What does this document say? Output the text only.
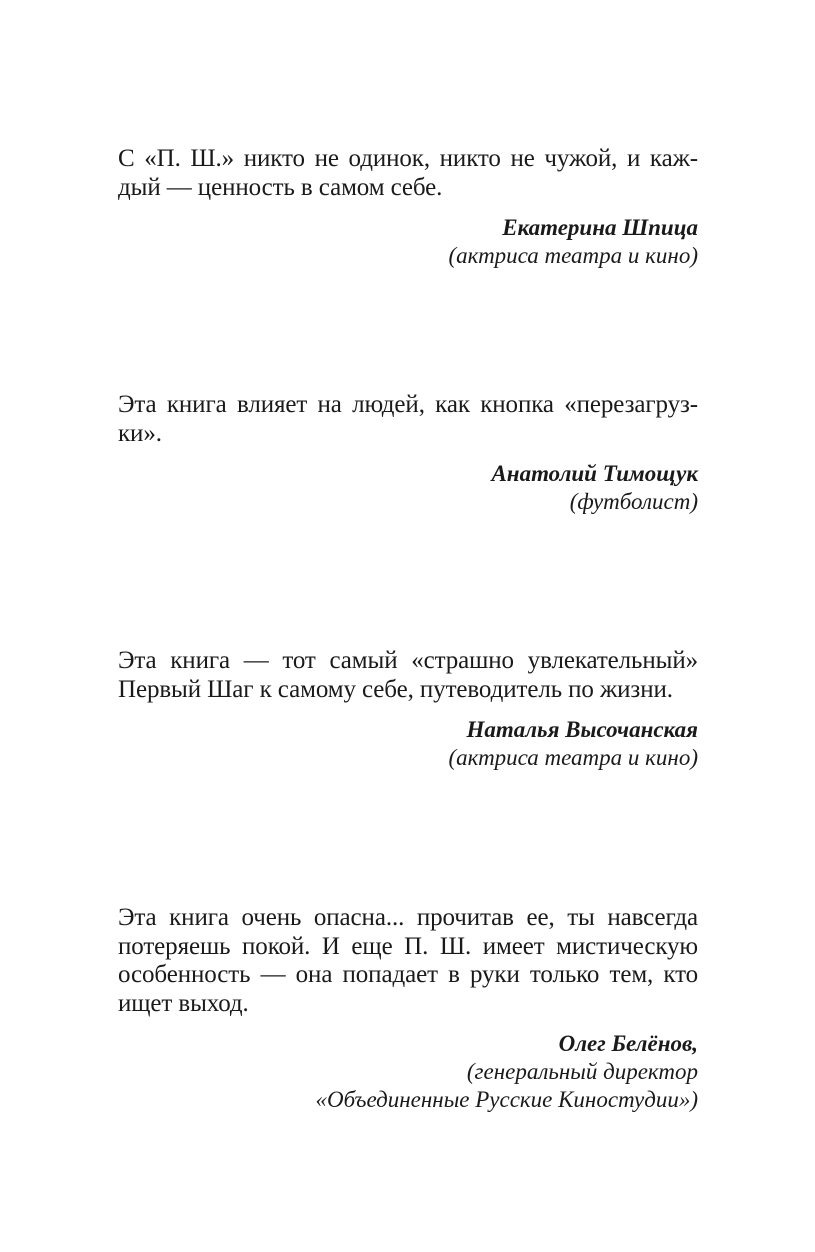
С «П. Ш.» никто не одинок, никто не чужой, и каж-
дый — ценность в самом себе.
Екатерина Шпица
(актриса театра и кино)
Эта книга влияет на людей, как кнопка «перезагруз-
ки».
Анатолий Тимощук
(футболист)
Эта книга — тот самый «страшно увлекательный»
Первый Шаг к самому себе, путеводитель по жизни.
Наталья Высочанская
(актриса театра и кино)
Эта книга очень опасна... прочитав ее, ты навсегда
потеряешь покой. И еще П. Ш. имеет мистическую
особенность — она попадает в руки только тем, кто
ищет выход.
Олег Белёнов,
(генеральный директор
«Объединенные Русские Киностудии»)
